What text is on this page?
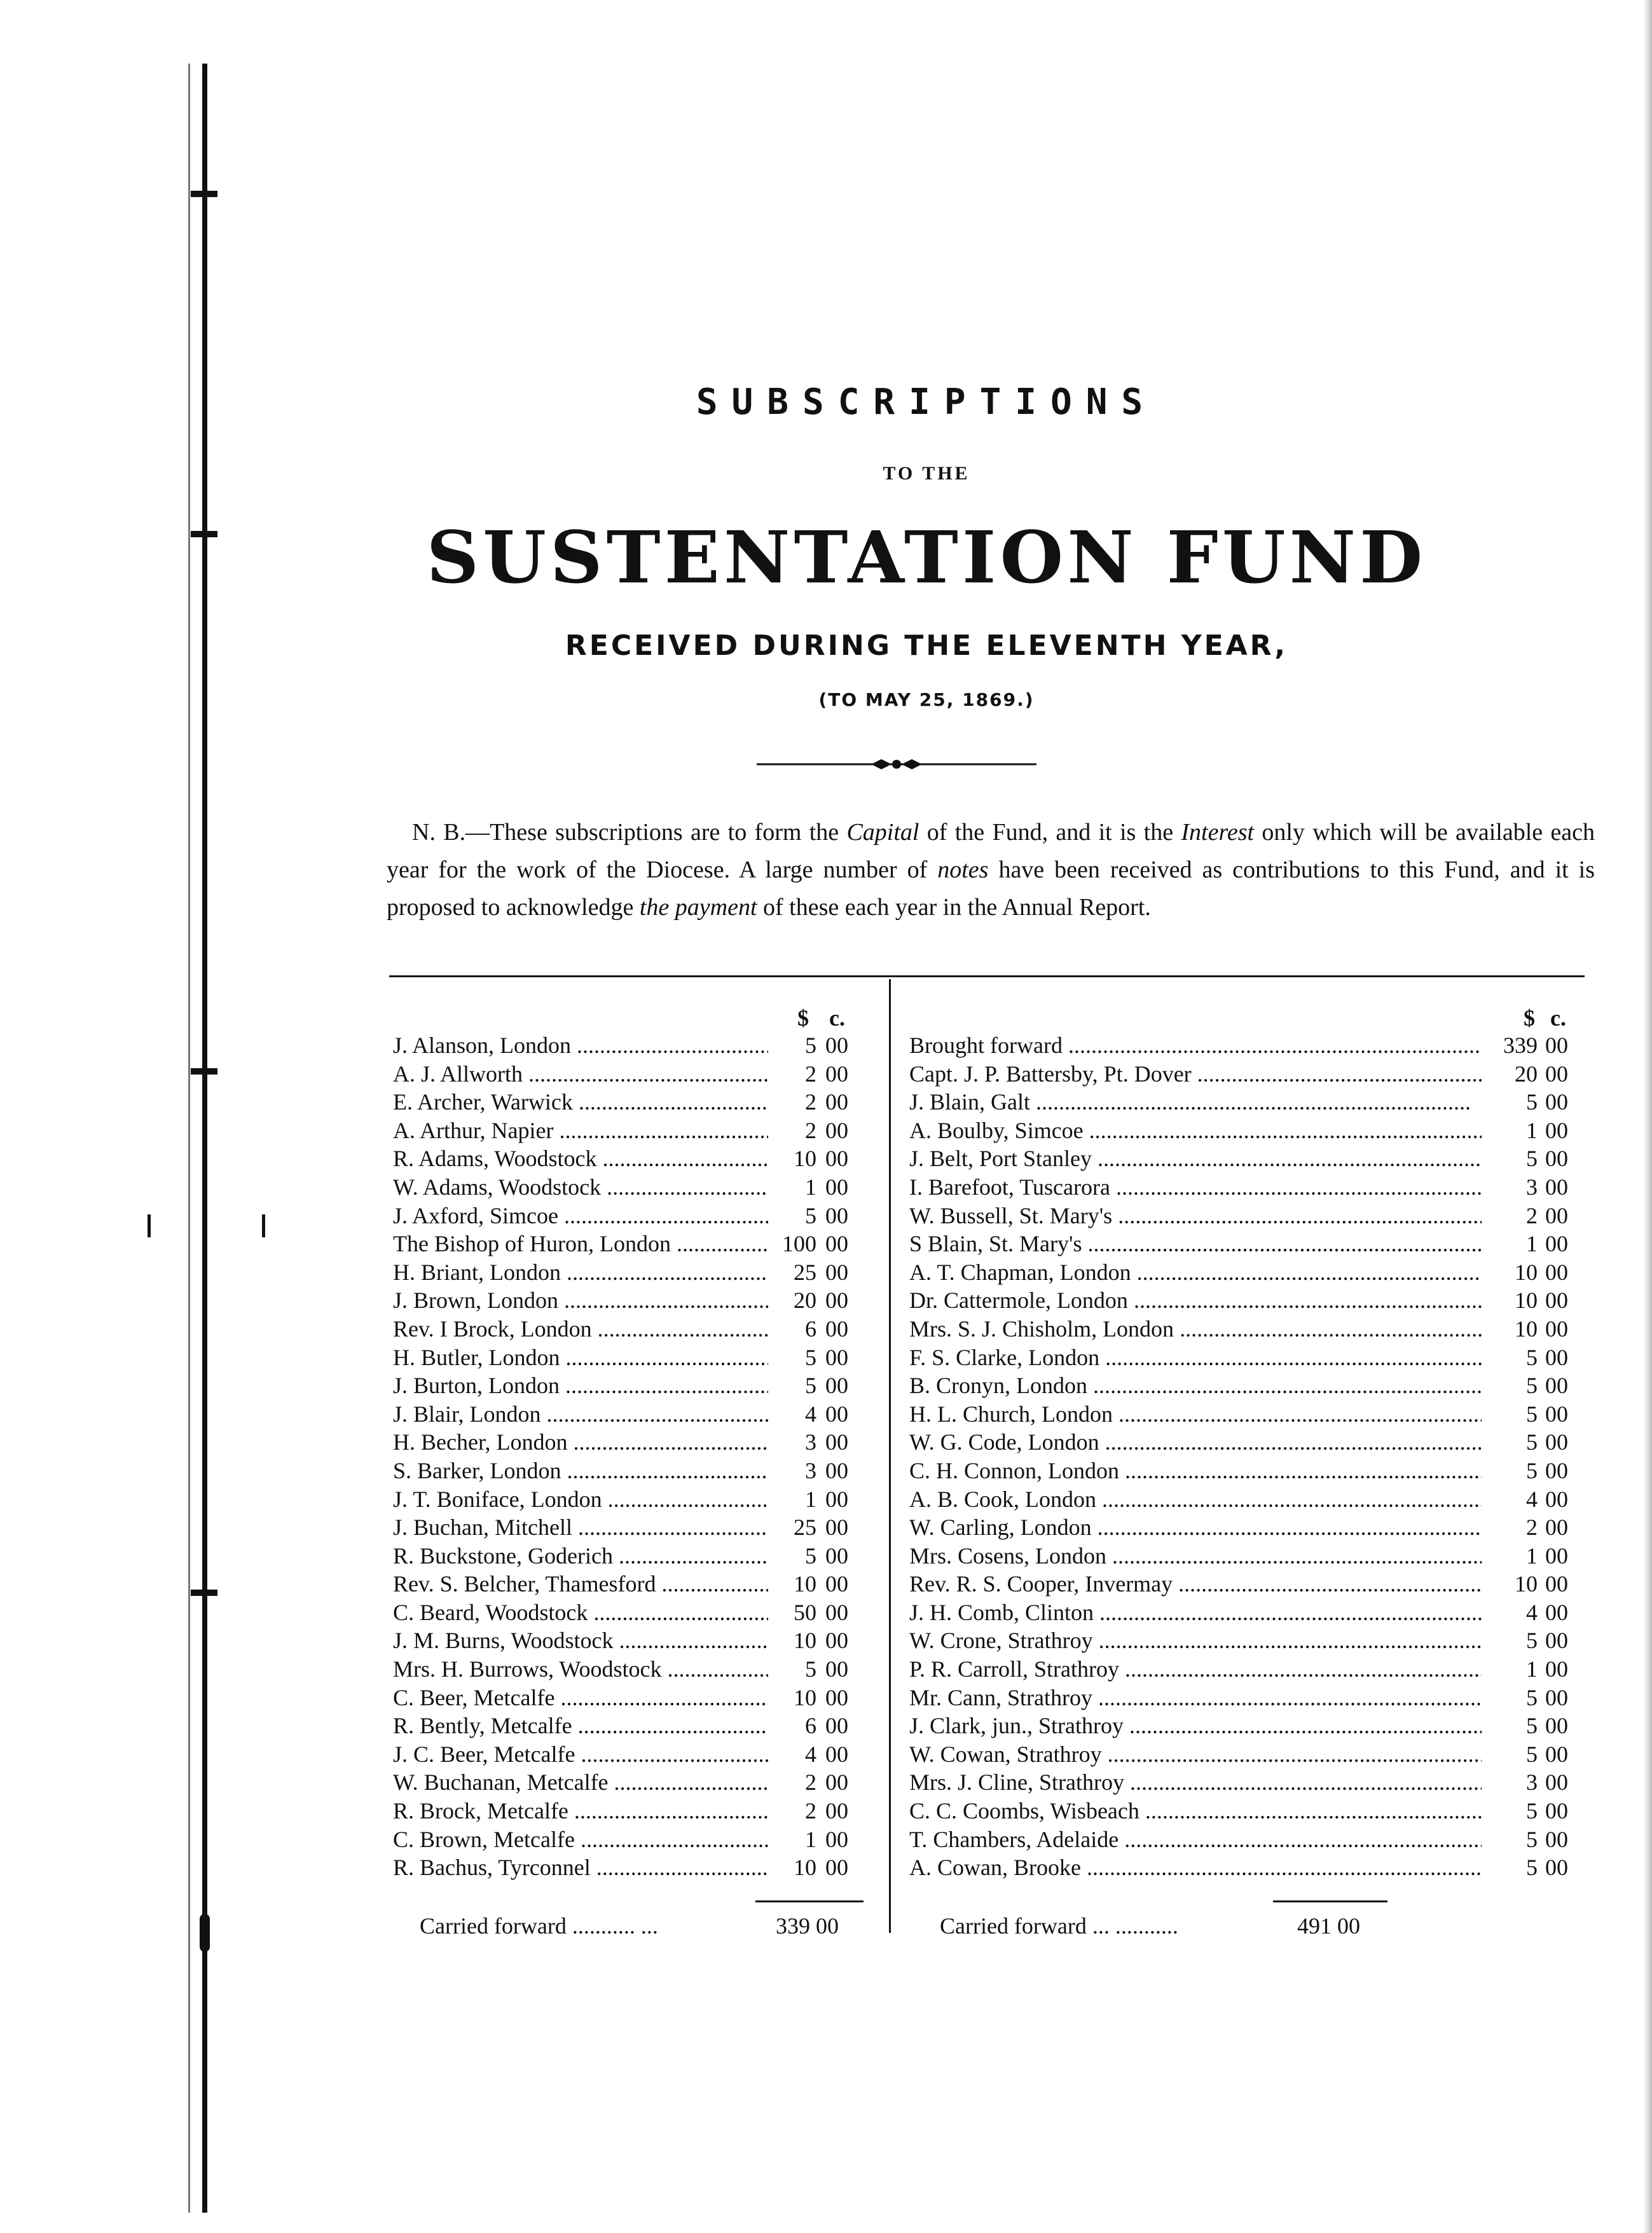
SUBSCRIPTIONS
TO THE
SUSTENTATION FUND
RECEIVED DURING THE ELEVENTH YEAR,
(TO MAY 25, 1869.)
N. B.—These subscriptions are to form the Capital of the Fund, and it is the Interest only which will be available each year for the work of the Diocese. A large number of notes have been received as contributions to this Fund, and it is proposed to acknowledge the payment of these each year in the Annual Report.
$ c.
J. Alanson, London .....	5 00
A. J. Allworth .....	2 00
E. Archer, Warwick .....	2 00
A. Arthur, Napier .....	2 00
R. Adams, Woodstock .....	10 00
W. Adams, Woodstock .....	1 00
J. Axford, Simcoe .....	5 00
The Bishop of Huron, London .....	100 00
H. Briant, London .....	25 00
J. Brown, London .....	20 00
Rev. I Brock, London .....	6 00
H. Butler, London .....	5 00
J. Burton, London .....	5 00
J. Blair, London .....	4 00
H. Becher, London .....	3 00
S. Barker, London .....	3 00
J. T. Boniface, London .....	1 00
J. Buchan, Mitchell .....	25 00
R. Buckstone, Goderich .....	5 00
Rev. S. Belcher, Thamesford .....	10 00
C. Beard, Woodstock .....	50 00
J. M. Burns, Woodstock .....	10 00
Mrs. H. Burrows, Woodstock .....	5 00
C. Beer, Metcalfe .....	10 00
R. Bently, Metcalfe .....	6 00
J. C. Beer, Metcalfe .....	4 00
W. Buchanan, Metcalfe .....	2 00
R. Brock, Metcalfe .....	2 00
C. Brown, Metcalfe .....	1 00
R. Bachus, Tyrconnel .....	10 00
Carried forward ........... ...	339 00
$ c.
Brought forward .....	339 00
Capt. J. P. Battersby, Pt. Dover .....	20 00
J. Blain, Galt .....	5 00
A. Boulby, Simcoe .....	1 00
J. Belt, Port Stanley .....	5 00
I. Barefoot, Tuscarora .....	3 00
W. Bussell, St. Mary's .....	2 00
S Blain, St. Mary's .....	1 00
A. T. Chapman, London .....	10 00
Dr. Cattermole, London .....	10 00
Mrs. S. J. Chisholm, London .....	10 00
F. S. Clarke, London .....	5 00
B. Cronyn, London .....	5 00
H. L. Church, London .....	5 00
W. G. Code, London .....	5 00
C. H. Connon, London .....	5 00
A. B. Cook, London .....	4 00
W. Carling, London .....	2 00
Mrs. Cosens, London .....	1 00
Rev. R. S. Cooper, Invermay .....	10 00
J. H. Comb, Clinton .....	4 00
W. Crone, Strathroy .....	5 00
P. R. Carroll, Strathroy .....	1 00
Mr. Cann, Strathroy .....	5 00
J. Clark, jun., Strathroy .....	5 00
W. Cowan, Strathroy .....	5 00
Mrs. J. Cline, Strathroy .....	3 00
C. C. Coombs, Wisbeach .....	5 00
T. Chambers, Adelaide .....	5 00
A. Cowan, Brooke .....	5 00
Carried forward ... ...........	491 00
